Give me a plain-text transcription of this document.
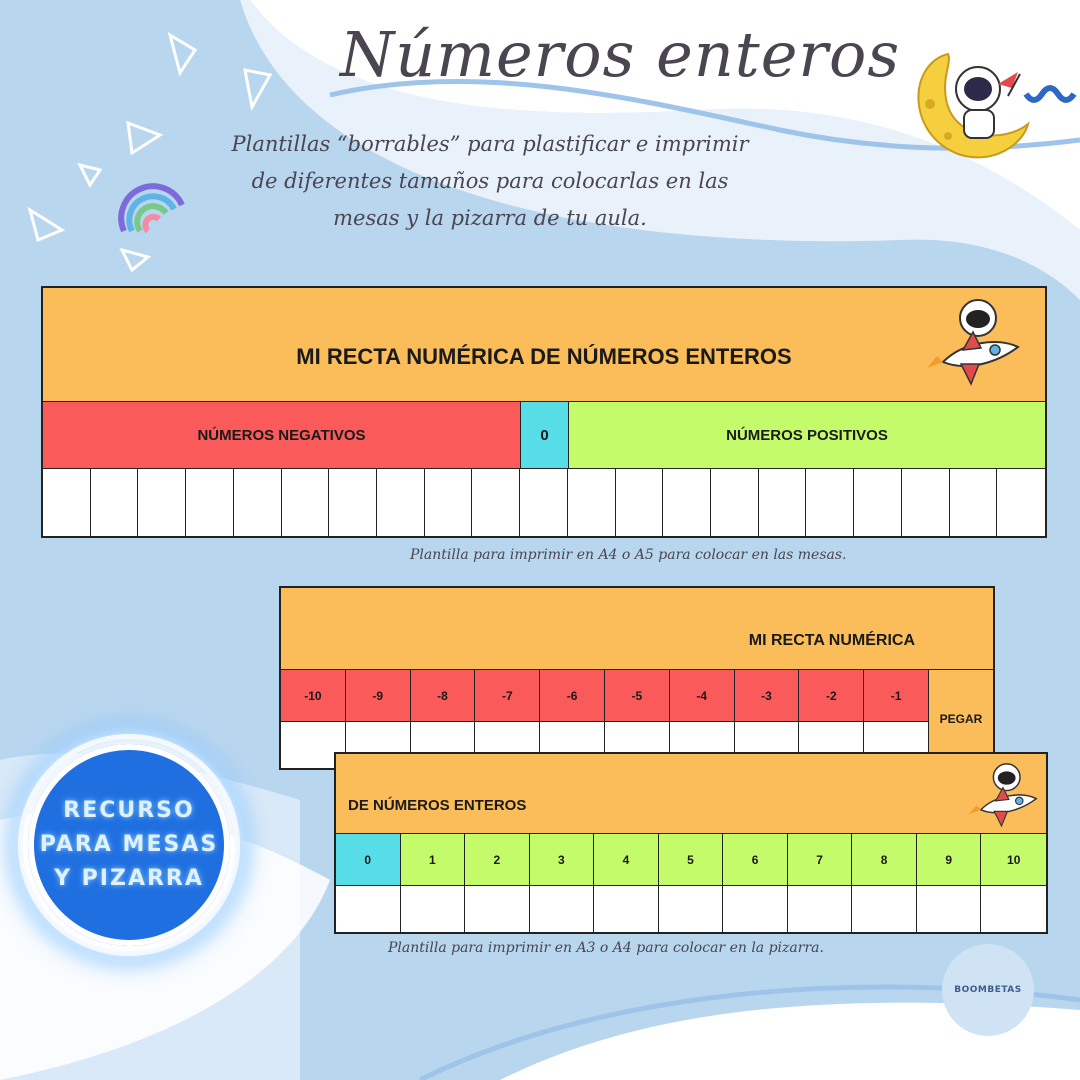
Números enteros
Plantillas “borrables” para plastificar e imprimir de diferentes tamaños para colocarlas en las mesas y la pizarra de tu aula.
MI RECTA NUMÉRICA DE NÚMEROS ENTEROS
NÚMEROS NEGATIVOS	0	NÚMEROS POSITIVOS
Plantilla para imprimir en A4 o A5 para colocar en las mesas.
MI RECTA NUMÉRICA
-10	-9	-8	-7	-6	-5	-4	-3	-2	-1
PEGAR
DE NÚMEROS ENTEROS
0	1	2	3	4	5	6	7	8	9	10
Plantilla para imprimir en A3 o A4 para colocar en la pizarra.
RECURSO
PARA MESAS
Y PIZARRA
BOOMBETAS
